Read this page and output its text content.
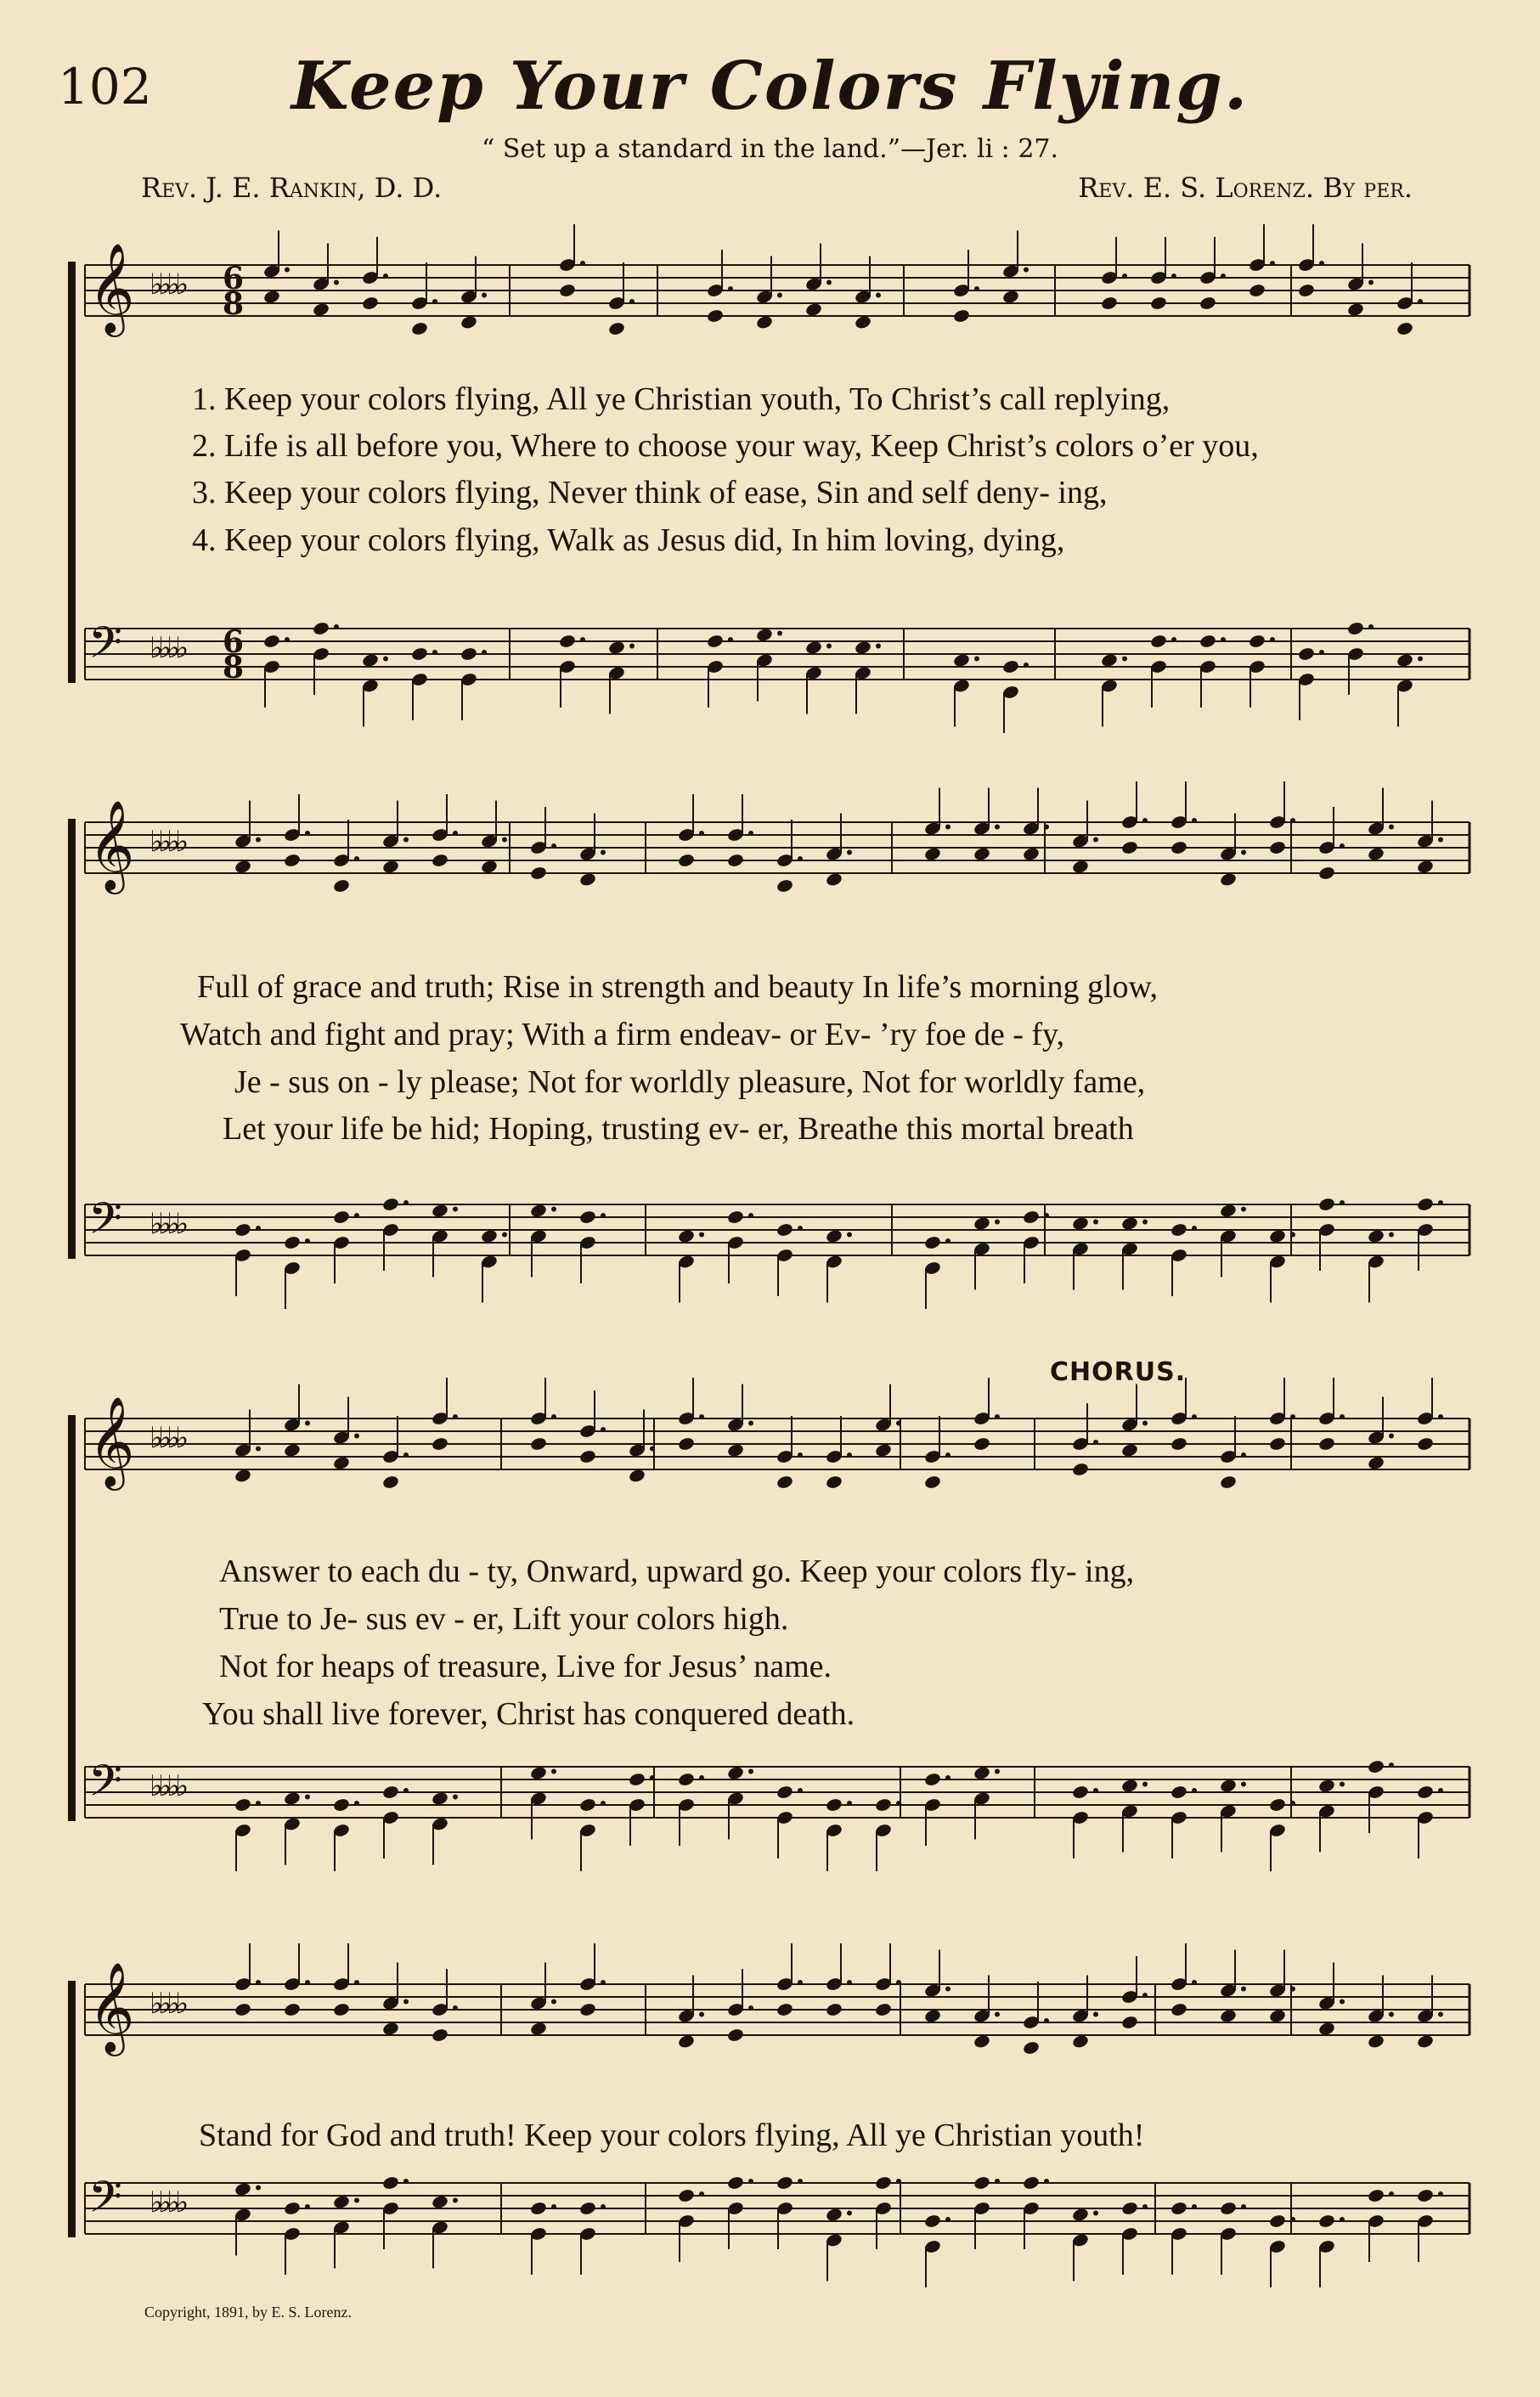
102	Keep Your Colors Flying.
“ Set up a standard in the land.”—Jer. li : 27.
Rev. J. E. Rankin, D. D.	Rev. E. S. Lorenz. By per.
𝄞 ♭♭♭♭ 6
8
𝄢 ♭♭♭♭ 6
8
𝄞 ♭♭♭♭
𝄢 ♭♭♭♭
𝄞 ♭♭♭♭
𝄢 ♭♭♭♭
𝄞 ♭♭♭♭
𝄢 ♭♭♭♭
1. Keep your colors flying, All ye Christian youth, To Christ’s call replying,
2. Life is all before you, Where to choose your way, Keep Christ’s colors o’er you,
3. Keep your colors flying, Never think of ease, Sin and self deny- ing,
4. Keep your colors flying, Walk as Jesus did, In him loving, dying,
Full of grace and truth; Rise in strength and beauty In life’s morning glow,
Watch and fight and pray; With a firm endeav- or Ev- ’ry foe de - fy,
Je - sus on - ly please; Not for worldly pleasure, Not for worldly fame,
Let your life be hid; Hoping, trusting ev- er, Breathe this mortal breath
CHORUS.
Answer to each du - ty, Onward, upward go. Keep your colors fly- ing,
True to Je- sus ev - er, Lift your colors high.
Not for heaps of treasure, Live for Jesus’ name.
You shall live forever, Christ has conquered death.
Stand for God and truth! Keep your colors flying, All ye Christian youth!
Copyright, 1891, by E. S. Lorenz.
